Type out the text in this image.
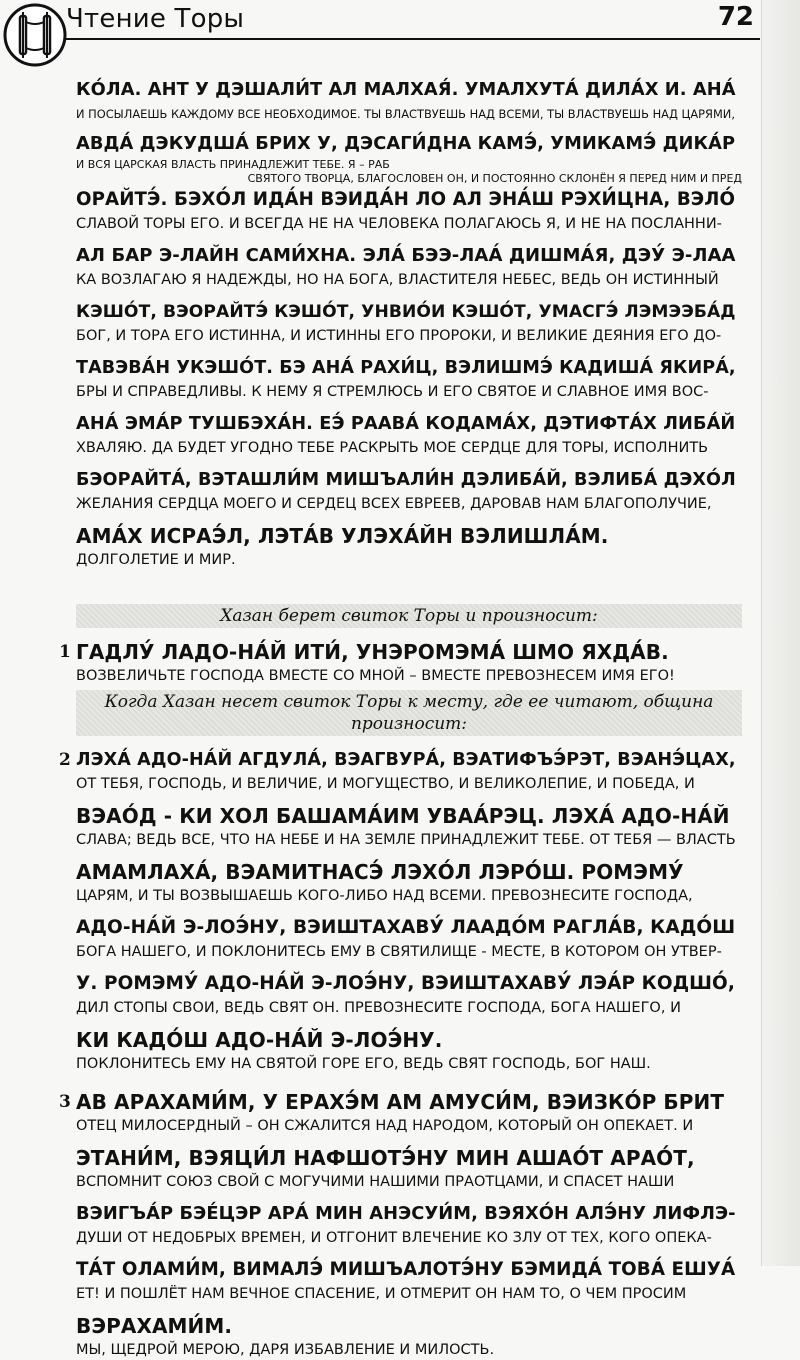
Чтение Торы	72
КО́ЛА. АНТ У ДЭШАЛИ́Т АЛ МАЛХАЯ́. УМАЛХУТА́ ДИЛА́Х И. АНА́
И ПОСЫЛАЕШЬ КАЖДОМУ ВСЕ НЕОБХОДИМОЕ. ТЫ ВЛАСТВУЕШЬ НАД ВСЕМИ, ТЫ ВЛАСТВУЕШЬ НАД ЦАРЯМИ,
АВДА́ ДЭКУДША́ БРИХ У, ДЭСАГИ́ДНА КАМЭ́, УМИКАМЭ́ ДИКА́Р
И ВСЯ ЦАРСКАЯ ВЛАСТЬ ПРИНАДЛЕЖИТ ТЕБЕ. Я – РАБ
СВЯТОГО ТВОРЦА, БЛАГОСЛОВЕН ОН, И ПОСТОЯННО СКЛОНЁН Я ПЕРЕД НИМ И ПРЕД
ОРАЙТЭ́. БЭХО́Л ИДА́Н ВЭИДА́Н ЛО АЛ ЭНА́Ш РЭХИ́ЦНА, ВЭЛО́
СЛАВОЙ ТОРЫ ЕГО. И ВСЕГДА НЕ НА ЧЕЛОВЕКА ПОЛАГАЮСЬ Я, И НЕ НА ПОСЛАННИ-
АЛ БАР Э-ЛАЙН САМИ́ХНА. ЭЛА́ БЭЭ-ЛАА́ ДИШМА́Я, ДЭУ́ Э-ЛАА
КА ВОЗЛАГАЮ Я НАДЕЖДЫ, НО НА БОГА, ВЛАСТИТЕЛЯ НЕБЕС, ВЕДЬ ОН ИСТИННЫЙ
КЭШО́Т, ВЭОРАЙТЭ́ КЭШО́Т, УНВИО́И КЭШО́Т, УМАСГЭ́ ЛЭМЭЭБА́Д
БОГ, И ТОРА ЕГО ИСТИННА, И ИСТИННЫ ЕГО ПРОРОКИ, И ВЕЛИКИЕ ДЕЯНИЯ ЕГО ДО-
ТАВЭВА́Н УКЭШО́Т. БЭ АНА́ РАХИ́Ц, ВЭЛИШМЭ́ КАДИША́ ЯКИРА́,
БРЫ И СПРАВЕДЛИВЫ. К НЕМУ Я СТРЕМЛЮСЬ И ЕГО СВЯТОЕ И СЛАВНОЕ ИМЯ ВОС-
АНА́ ЭМА́Р ТУШБЭХА́Н. ЕЭ́ РААВА́ КОДАМА́Х, ДЭТИФТА́Х ЛИБА́Й
ХВАЛЯЮ. ДА БУДЕТ УГОДНО ТЕБЕ РАСКРЫТЬ МОЕ СЕРДЦЕ ДЛЯ ТОРЫ, ИСПОЛНИТЬ
БЭОРАЙТА́, ВЭТАШЛИ́М МИШЪАЛИ́Н ДЭЛИБА́Й, ВЭЛИБА́ ДЭХО́Л
ЖЕЛАНИЯ СЕРДЦА МОЕГО И СЕРДЕЦ ВСЕХ ЕВРЕЕВ, ДАРОВАВ НАМ БЛАГОПОЛУЧИЕ,
АМА́Х ИСРАЭ́Л, ЛЭТА́В УЛЭХА́ЙН ВЭЛИШЛА́М.
ДОЛГОЛЕТИЕ И МИР.
Хазан берет свиток Торы и произносит:
1 ГАДЛУ́ ЛАДО-НА́Й ИТИ́, УНЭРОМЭМА́ ШМО ЯХДА́В.
ВОЗВЕЛИЧЬТЕ ГОСПОДА ВМЕСТЕ СО МНОЙ – ВМЕСТЕ ПРЕВОЗНЕСЕМ ИМЯ ЕГО!
Когда Хазан несет свиток Торы к месту, где ее читают, община
произносит:
2 ЛЭХА́ АДО-НА́Й АГДУЛА́, ВЭАГВУРА́, ВЭАТИФЪЭ́РЭТ, ВЭАНЭ́ЦАХ,
ОТ ТЕБЯ, ГОСПОДЬ, И ВЕЛИЧИЕ, И МОГУЩЕСТВО, И ВЕЛИКОЛЕПИЕ, И ПОБЕДА, И
ВЭАО́Д - КИ ХОЛ БАШАМА́ИМ УВАА́РЭЦ. ЛЭХА́ АДО-НА́Й
СЛАВА; ВЕДЬ ВСЕ, ЧТО НА НЕБЕ И НА ЗЕМЛЕ ПРИНАДЛЕЖИТ ТЕБЕ. ОТ ТЕБЯ — ВЛАСТЬ
АМАМЛАХА́, ВЭАМИТНАСЭ́ ЛЭХО́Л ЛЭРО́Ш. РОМЭМУ́
ЦАРЯМ, И ТЫ ВОЗВЫШАЕШЬ КОГО-ЛИБО НАД ВСЕМИ. ПРЕВОЗНЕСИТЕ ГОСПОДА,
АДО-НА́Й Э-ЛОЭ́НУ, ВЭИШТАХАВУ́ ЛААДО́М РАГЛА́В, КАДО́Ш
БОГА НАШЕГО, И ПОКЛОНИТЕСЬ ЕМУ В СВЯТИЛИЩЕ - МЕСТЕ, В КОТОРОМ ОН УТВЕР-
У. РОМЭМУ́ АДО-НА́Й Э-ЛОЭ́НУ, ВЭИШТАХАВУ́ ЛЭА́Р КОДШО́,
ДИЛ СТОПЫ СВОИ, ВЕДЬ СВЯТ ОН. ПРЕВОЗНЕСИТЕ ГОСПОДА, БОГА НАШЕГО, И
КИ КАДО́Ш АДО-НА́Й Э-ЛОЭ́НУ.
ПОКЛОНИТЕСЬ ЕМУ НА СВЯТОЙ ГОРЕ ЕГО, ВЕДЬ СВЯТ ГОСПОДЬ, БОГ НАШ.
3 АВ АРАХАМИ́М, У ЕРАХЭ́М АМ АМУСИ́М, ВЭИЗКО́Р БРИТ
ОТЕЦ МИЛОСЕРДНЫЙ – ОН СЖАЛИТСЯ НАД НАРОДОМ, КОТОРЫЙ ОН ОПЕКАЕТ. И
ЭТАНИ́М, ВЭЯЦИ́Л НАФШОТЭ́НУ МИН АШАО́Т АРАО́Т,
ВСПОМНИТ СОЮЗ СВОЙ С МОГУЧИМИ НАШИМИ ПРАОТЦАМИ, И СПАСЕТ НАШИ
ВЭИГЪА́Р БЭЕ́ЦЭР АРА́ МИН АНЭСУИ́М, ВЭЯХО́Н АЛЭ́НУ ЛИФЛЭ-
ДУШИ ОТ НЕДОБРЫХ ВРЕМЕН, И ОТГОНИТ ВЛЕЧЕНИЕ КО ЗЛУ ОТ ТЕХ, КОГО ОПЕКА-
ТА́Т ОЛАМИ́М, ВИМАЛЭ́ МИШЪАЛОТЭ́НУ БЭМИДА́ ТОВА́ ЕШУА́
ЕТ! И ПОШЛЁТ НАМ ВЕЧНОЕ СПАСЕНИЕ, И ОТМЕРИТ ОН НАМ ТО, О ЧЕМ ПРОСИМ
ВЭРАХАМИ́М.
МЫ, ЩЕДРОЙ МЕРОЮ, ДАРЯ ИЗБАВЛЕНИЕ И МИЛОСТЬ.
